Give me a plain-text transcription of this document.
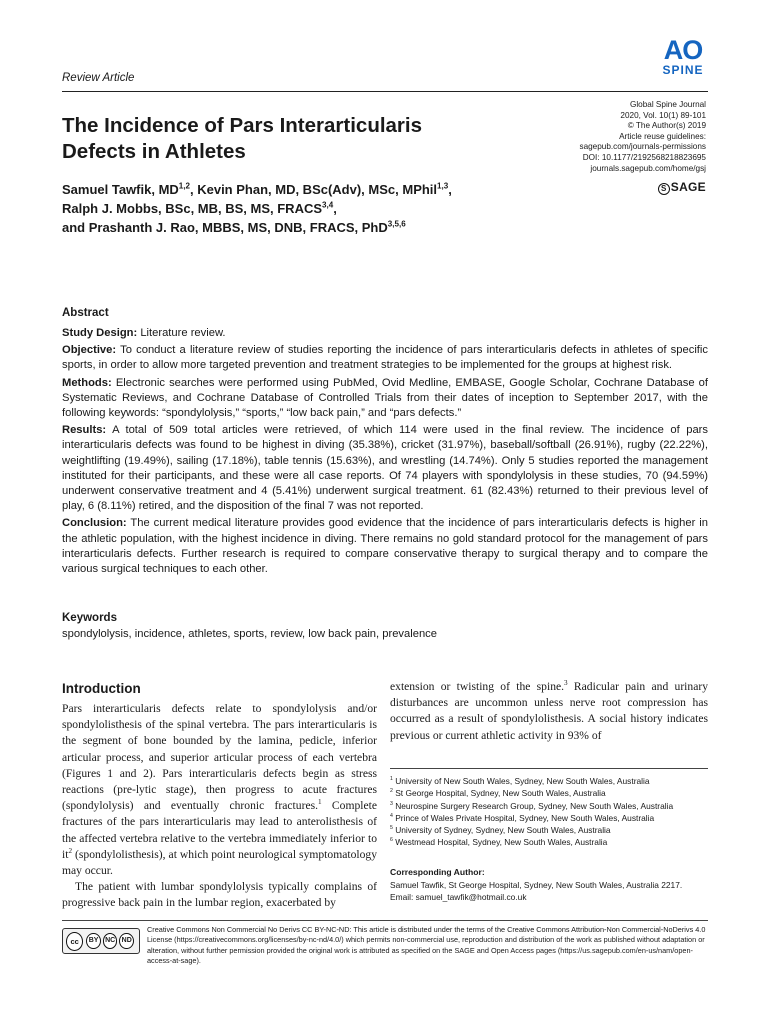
AO
SPINE
Review Article
The Incidence of Pars Interarticularis Defects in Athletes
Global Spine Journal
2020, Vol. 10(1) 89-101
© The Author(s) 2019
Article reuse guidelines:
sagepub.com/journals-permissions
DOI: 10.1177/2192568218823695
journals.sagepub.com/home/gsj
S SAGE
Samuel Tawfik, MD$^{1,2}$, Kevin Phan, MD, BSc(Adv), MSc, MPhil$^{1,3}$,
Ralph J. Mobbs, BSc, MB, BS, MS, FRACS$^{3,4}$,
and Prashanth J. Rao, MBBS, MS, DNB, FRACS, PhD$^{3,5,6}$
Abstract

Study Design: Literature review.

Objective: To conduct a literature review of studies reporting the incidence of pars interarticularis defects in athletes of specific sports, in order to allow more targeted prevention and treatment strategies to be implemented for the groups at highest risk.

Methods: Electronic searches were performed using PubMed, Ovid Medline, EMBASE, Google Scholar, Cochrane Database of Systematic Reviews, and Cochrane Database of Controlled Trials from their dates of inception to September 2017, with the following keywords: “spondylolysis,” “sports,” “low back pain,” and “pars defects.”

Results: A total of 509 total articles were retrieved, of which 114 were used in the final review. The incidence of pars interarticularis defects was found to be highest in diving (35.38%), cricket (31.97%), baseball/softball (26.91%), rugby (22.22%), weightlifting (19.49%), sailing (17.18%), table tennis (15.63%), and wrestling (14.74%). Only 5 studies reported the management instituted for their participants, and these were all case reports. Of 74 players with spondylolysis in these studies, 70 (94.59%) underwent conservative treatment and 4 (5.41%) underwent surgical treatment. 61 (82.43%) returned to their previous level of play, 6 (8.11%) retired, and the disposition of the final 7 was not reported.

Conclusion: The current medical literature provides good evidence that the incidence of pars interarticularis defects is higher in the athletic population, with the highest incidence in diving. There remains no gold standard protocol for the management of pars interarticularis defects. Further research is required to compare conservative therapy to surgical therapy and to compare the various surgical techniques to each other.

Keywords
spondylolysis, incidence, athletes, sports, review, low back pain, prevalence
Introduction

Pars interarticularis defects relate to spondylolysis and/or spondylolisthesis of the spinal vertebra. The pars interarticularis is the segment of bone bounded by the lamina, pedicle, inferior articular process, and superior articular process of each vertebra (Figures 1 and 2). Pars interarticularis defects begin as stress reactions (pre-lytic stage), then progress to acute fractures (spondylolysis) and eventually chronic fractures.$^1$ Complete fractures of the pars interarticularis may lead to anterolisthesis of the affected vertebra relative to the vertebra immediately inferior to $it^2$ (spondylolisthesis), at which point neurological symptomatology may occur.

The patient with lumbar spondylolysis typically complains of progressive back pain in the lumbar region, exacerbated by

extension or twisting of the spine.$^3$ Radicular pain and urinary disturbances are uncommon unless nerve root compression has occurred as a result of spondylolisthesis. A social history indicates previous or current athletic activity in 93% of
$^1$ University of New South Wales, Sydney, New South Wales, Australia
$^2$ St George Hospital, Sydney, New South Wales, Australia
$^3$ Neurospine Surgery Research Group, Sydney, New South Wales, Australia
$^4$ Prince of Wales Private Hospital, Sydney, New South Wales, Australia
$^5$ University of Sydney, Sydney, New South Wales, Australia
$^6$ Westmead Hospital, Sydney, New South Wales, Australia
Corresponding Author:
Samuel Tawfik, St George Hospital, Sydney, New South Wales, Australia 2217.
Email: samuel_tawfik@hotmail.co.uk
cc	BY NC ND
Creative Commons Non Commercial No Derivs CC BY-NC-ND: This article is distributed under the terms of the Creative Commons Attribution-Non Commercial-NoDerivs 4.0 License (https://creativecommons.org/licenses/by-nc-nd/4.0/) which permits non-commercial use, reproduction and distribution of the work as published without adaptation or alteration, without further permission provided the original work is attributed as specified on the SAGE and Open Access pages (https://us.sagepub.com/en-us/nam/open-access-at-sage).
